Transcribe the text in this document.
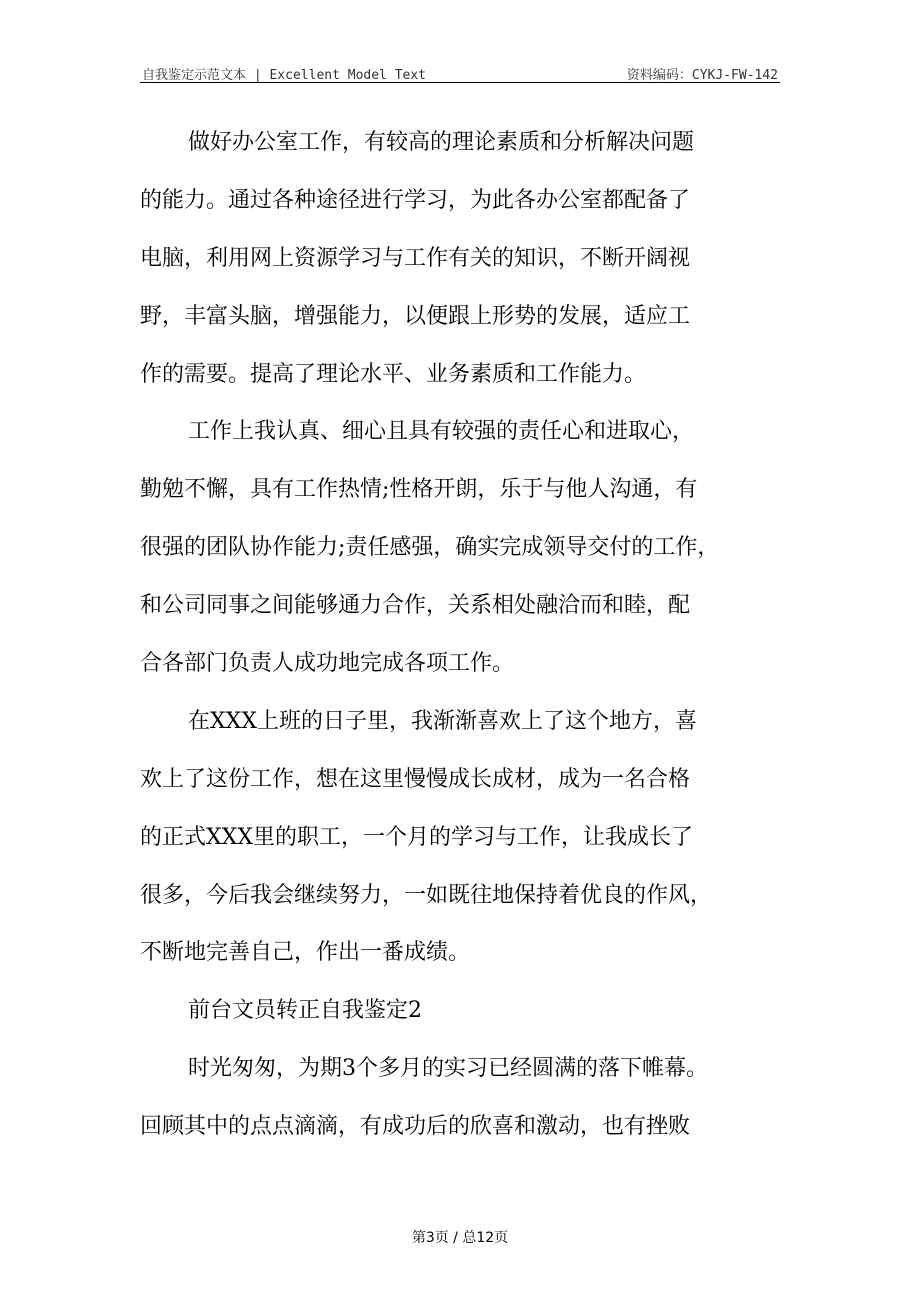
自我鉴定示范文本 | Excellent Model Text	资料编码：CYKJ-FW-142
做好办公室工作，有较高的理论素质和分析解决问题
的能力。通过各种途径进行学习，为此各办公室都配备了
电脑，利用网上资源学习与工作有关的知识，不断开阔视
野，丰富头脑，增强能力，以便跟上形势的发展，适应工
作的需要。提高了理论水平、业务素质和工作能力。
工作上我认真、细心且具有较强的责任心和进取心，
勤勉不懈，具有工作热情;性格开朗，乐于与他人沟通，有
很强的团队协作能力;责任感强，确实完成领导交付的工作，
和公司同事之间能够通力合作，关系相处融洽而和睦，配
合各部门负责人成功地完成各项工作。
在XXX上班的日子里，我渐渐喜欢上了这个地方，喜
欢上了这份工作，想在这里慢慢成长成材，成为一名合格
的正式XXX里的职工，一个月的学习与工作，让我成长了
很多，今后我会继续努力，一如既往地保持着优良的作风，
不断地完善自己，作出一番成绩。
前台文员转正自我鉴定2
时光匆匆，为期3个多月的实习已经圆满的落下帷幕。
回顾其中的点点滴滴，有成功后的欣喜和激动，也有挫败
第3页 / 总12页
